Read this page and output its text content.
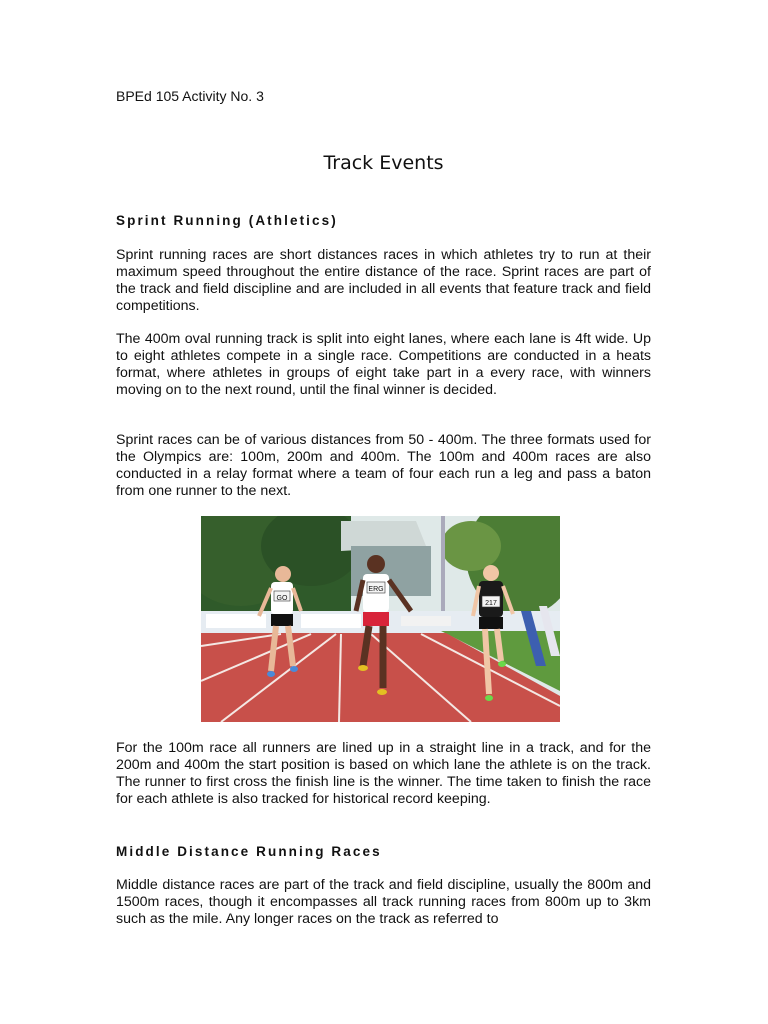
BPEd 105 Activity No. 3
Track Events
Sprint Running (Athletics)

Sprint running races are short distances races in which athletes try to run at their maximum speed throughout the entire distance of the race. Sprint races are part of the track and field discipline and are included in all events that feature track and field competitions.

The 400m oval running track is split into eight lanes, where each lane is 4ft wide. Up to eight athletes compete in a single race. Competitions are conducted in a heats format, where athletes in groups of eight take part in a every race, with winners moving on to the next round, until the final winner is decided.

Sprint races can be of various distances from 50 - 400m. The three formats used for the Olympics are: 100m, 200m and 400m. The 100m and 400m races are also conducted in a relay format where a team of four each run a leg and pass a baton from one runner to the next.

GO
ERG
217

For the 100m race all runners are lined up in a straight line in a track, and for the 200m and 400m the start position is based on which lane the athlete is on the track. The runner to first cross the finish line is the winner. The time taken to finish the race for each athlete is also tracked for historical record keeping.

Middle Distance Running Races

Middle distance races are part of the track and field discipline, usually the 800m and 1500m races, though it encompasses all track running races from 800m up to 3km such as the mile. Any longer races on the track as referred to
